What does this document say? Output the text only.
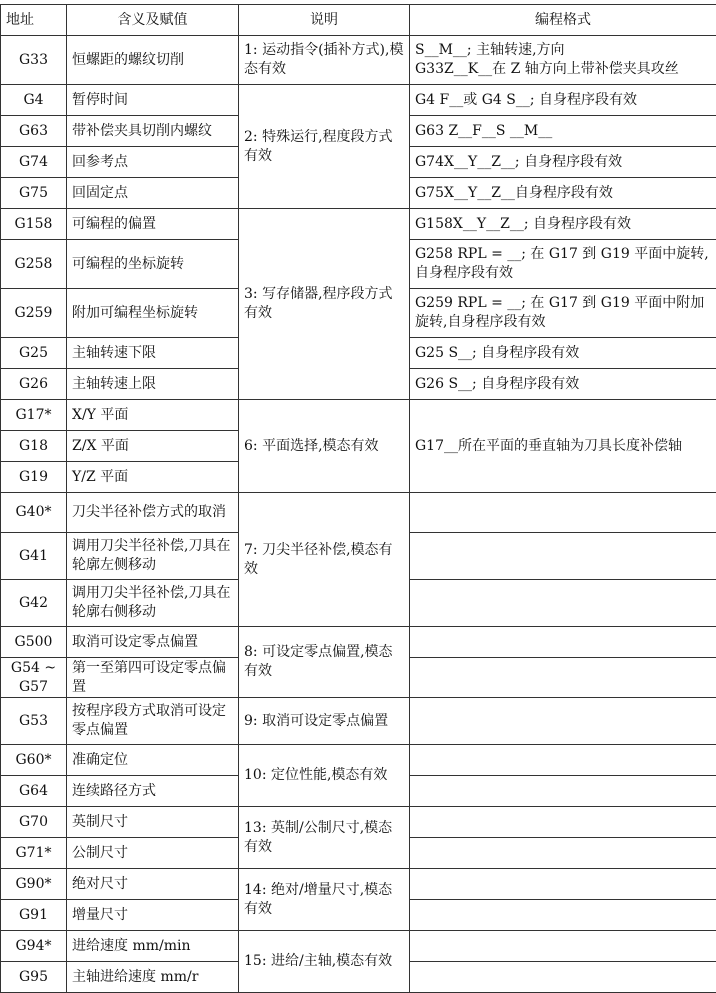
地址	含义及赋值	说明	编程格式
G33	恒螺距的螺纹切削	1: 运动指令(插补方式),模态有效	S__M__; 主轴转速,方向
G33Z__K__在 Z 轴方向上带补偿夹具攻丝

G4	暂停时间	2: 特殊运行,程度段方式有效	G4 F__或 G4 S__; 自身程序段有效

G63	带补偿夹具切削内螺纹		G63 Z__F__S __M__

G74	回参考点		G74X__Y__Z__; 自身程序段有效

G75	回固定点		G75X__Y__Z__自身程序段有效

G158	可编程的偏置	3: 写存储器,程序段方式有效	G158X__Y__Z__; 自身程序段有效

G258	可编程的坐标旋转		G258 RPL = __; 在 G17 到 G19 平面中旋转,
自身程序段有效

G259	附加可编程坐标旋转		G259 RPL = __; 在 G17 到 G19 平面中附加
旋转,自身程序段有效

G25	主轴转速下限		G25 S__; 自身程序段有效

G26	主轴转速上限		G26 S__; 自身程序段有效

G17*	X/Y 平面	6: 平面选择,模态有效	G17__所在平面的垂直轴为刀具长度补偿轴
G18	Z/X 平面		
G19	Y/Z 平面		
G40*	刀尖半径补偿方式的取消	7: 刀尖半径补偿,模态有效	
G41	调用刀尖半径补偿,刀具在轮廓左侧移动		
G42	调用刀尖半径补偿,刀具在轮廓右侧移动		
G500	取消可设定零点偏置	8: 可设定零点偏置,模态有效	
G54 ~ G57	第一至第四可设定零点偏置		
G53	按程序段方式取消可设定零点偏置	9: 取消可设定零点偏置	
G60*	准确定位	10: 定位性能,模态有效	
G64	连续路径方式		
G70	英制尺寸	13: 英制/公制尺寸,模态有效	
G71*	公制尺寸		
G90*	绝对尺寸	14: 绝对/增量尺寸,模态有效	
G91	增量尺寸		
G94*	进给速度 mm/min	15: 进给/主轴,模态有效	
G95	主轴进给速度 mm/r		
